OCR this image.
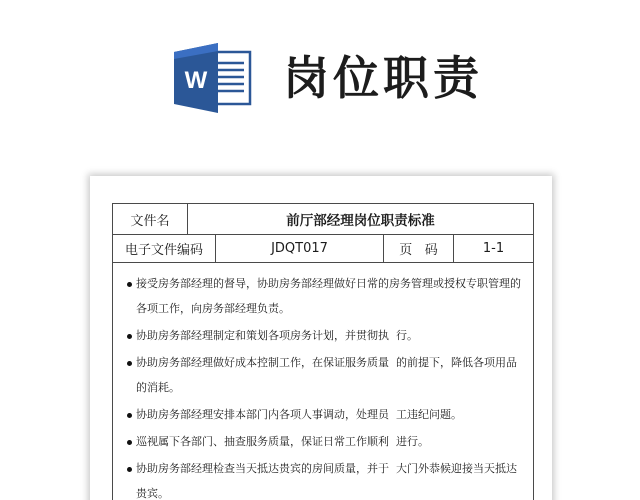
W 岗位职责
文件名	前厅部经理岗位职责标准
电子文件编码	JDQT017	页   码	1-1
接受房务部经理的督导，协助房务部经理做好日常的房务管理或授权专职管理的各项工作，向房务部经理负责。
协助房务部经理制定和策划各项房务计划，并贯彻执  行。
协助房务部经理做好成本控制工作，在保证服务质量  的前提下，降低各项用品的消耗。
协助房务部经理安排本部门内各项人事调动，处理员  工违纪问题。
巡视属下各部门、抽查服务质量，保证日常工作顺利  进行。
协助房务部经理检查当天抵达贵宾的房间质量，并于  大门外恭候迎接当天抵达贵宾。
